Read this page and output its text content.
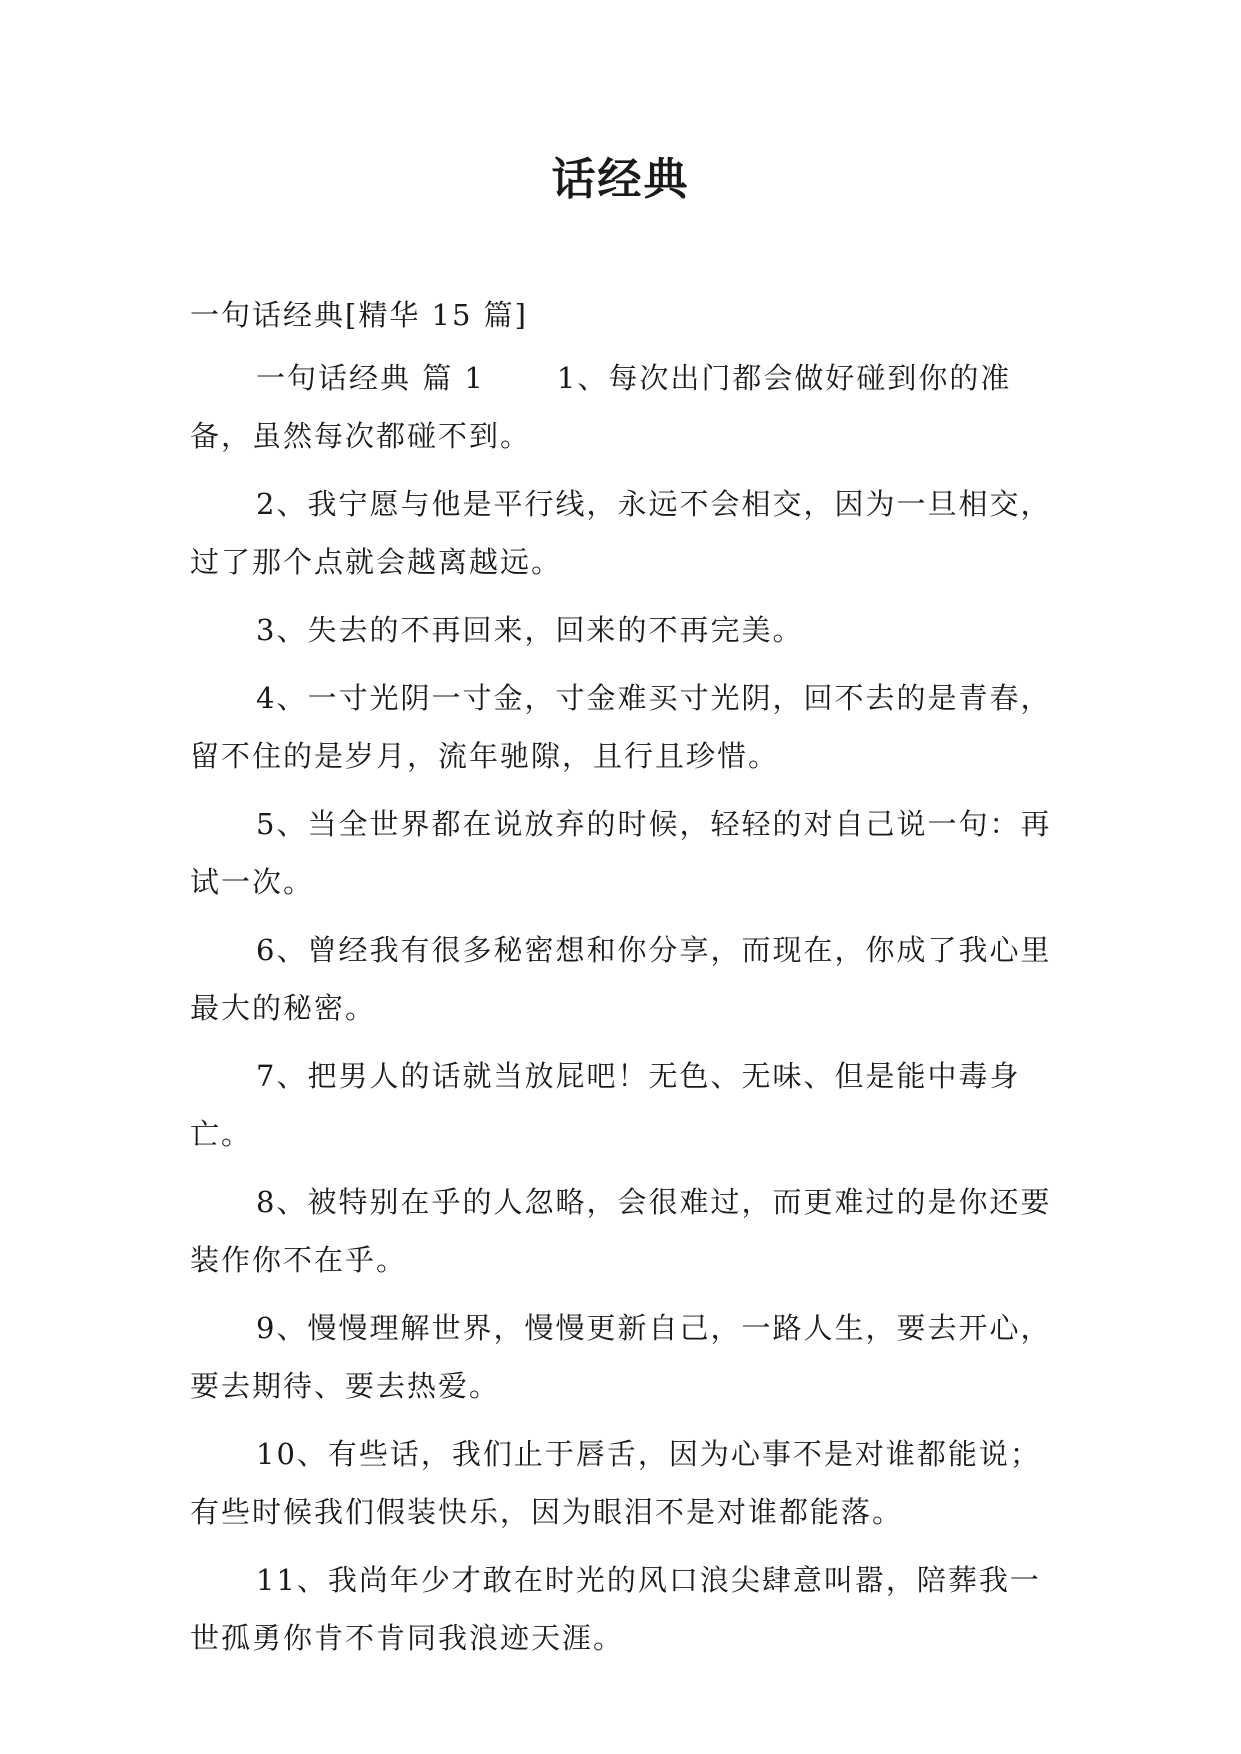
话经典
一句话经典[精华 15 篇]

一句话经典 篇 1 1、每次出门都会做好碰到你的准备，虽然每次都碰不到。

2、我宁愿与他是平行线，永远不会相交，因为一旦相交，过了那个点就会越离越远。

3、失去的不再回来，回来的不再完美。

4、一寸光阴一寸金，寸金难买寸光阴，回不去的是青春，留不住的是岁月，流年驰隙，且行且珍惜。

5、当全世界都在说放弃的时候，轻轻的对自己说一句：再试一次。

6、曾经我有很多秘密想和你分享，而现在，你成了我心里最大的秘密。

7、把男人的话就当放屁吧！无色、无味、但是能中毒身亡。

8、被特别在乎的人忽略，会很难过，而更难过的是你还要装作你不在乎。

9、慢慢理解世界，慢慢更新自己，一路人生，要去开心，要去期待、要去热爱。

10、有些话，我们止于唇舌，因为心事不是对谁都能说；有些时候我们假装快乐，因为眼泪不是对谁都能落。

11、我尚年少才敢在时光的风口浪尖肆意叫嚣，陪葬我一世孤勇你肯不肯同我浪迹天涯。
